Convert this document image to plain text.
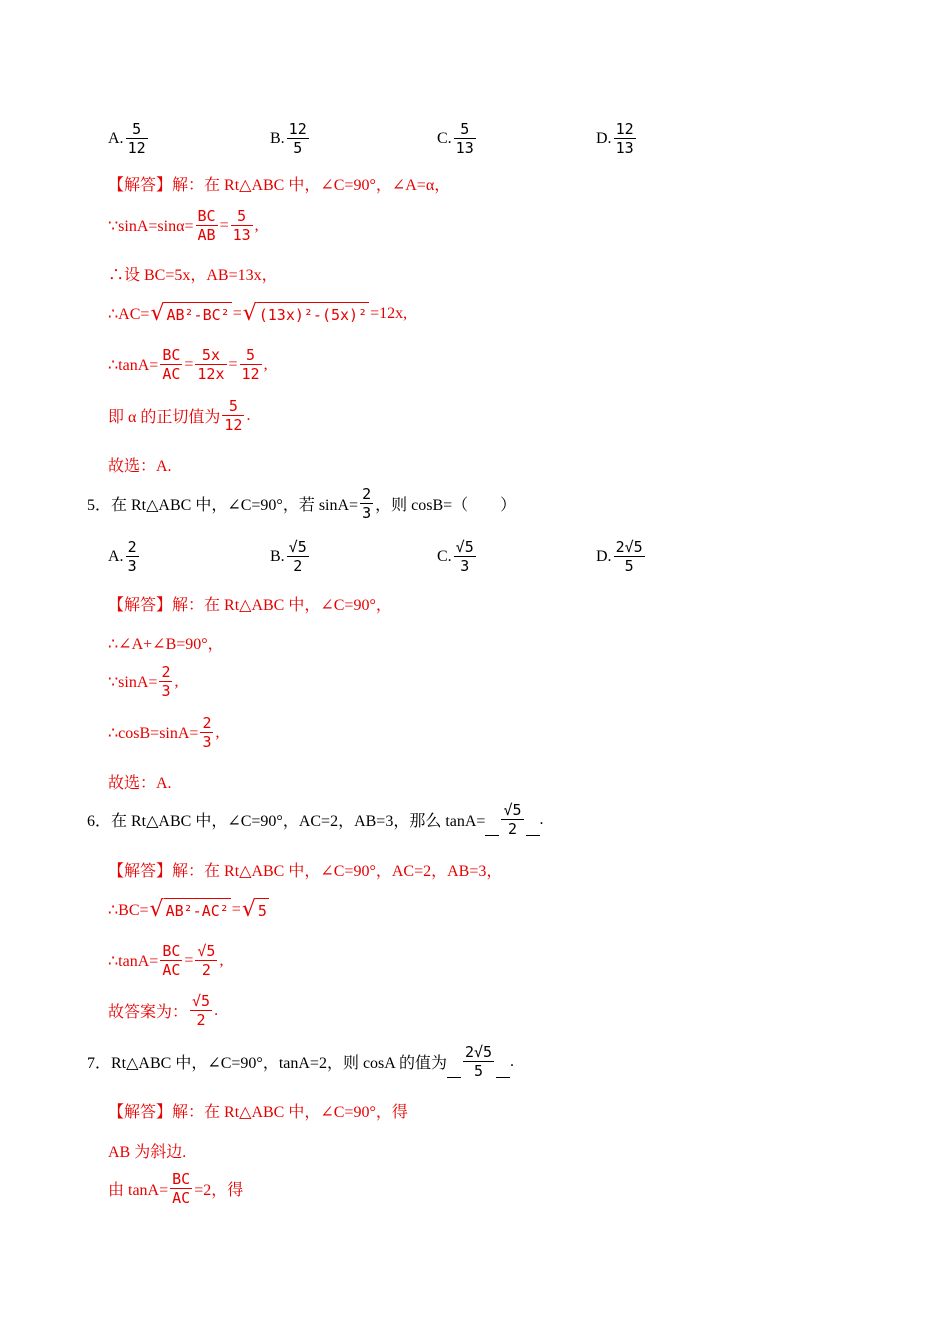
A. $\frac{5}{12}$	B. $\frac{12}{5}$	C. $\frac{5}{13}$	D. $\frac{12}{13}$
【解答】 解：在 Rt△ABC 中，∠C=90°，∠A=α，
∵sinA=sinα= $\frac{BC}{AB} = \frac{5}{13}$ ,
∴设 BC=5x，AB=13x，
∴AC= √ AB²-BC² = √ (13x)²-(5x)² =12x,
∴tanA= $\frac{BC}{AC} = \frac{5x}{12x} = \frac{5}{12}$ ,
即 α 的正切值为 $\frac{5}{12}$ .
故选：A.
5．在 Rt△ABC 中，∠C=90°，若 $\sin A= \frac{2}{3}$ ，则 cosB=（　　）
A. $\frac{2}{3}$	B. $\frac{√5}{2}$	C. $\frac{√5}{3}$	D. $\frac{2√5}{5}$
【解答】 解：在 Rt△ABC 中，∠C=90°，
∴∠A+∠B=90°，
∵sinA= $\frac{2}{3}$ ,
∴cosB=sinA= $\frac{2}{3}$ ,
故选：A.
6．在 Rt△ABC 中，∠C=90°，AC=2，AB=3，那么 $\tan A= \frac{√5}{2}$ .
【解答】 解：在 Rt△ABC 中，∠C=90°，AC=2，AB=3，
∴BC= √ AB²-AC² = √ 5
∴tanA= $\frac{BC}{AC} = \frac{√5}{2}$ ,
故答案为： $\frac{√5}{2}$ .
7．Rt△ABC 中，∠C=90°，tanA=2，则 cosA 的值为 $\frac{2√5}{5}$ .
【解答】 解：在 Rt△ABC 中，∠C=90°，得
AB 为斜边.
由 $\tan A= \frac{BC}{AC} =2$，得
